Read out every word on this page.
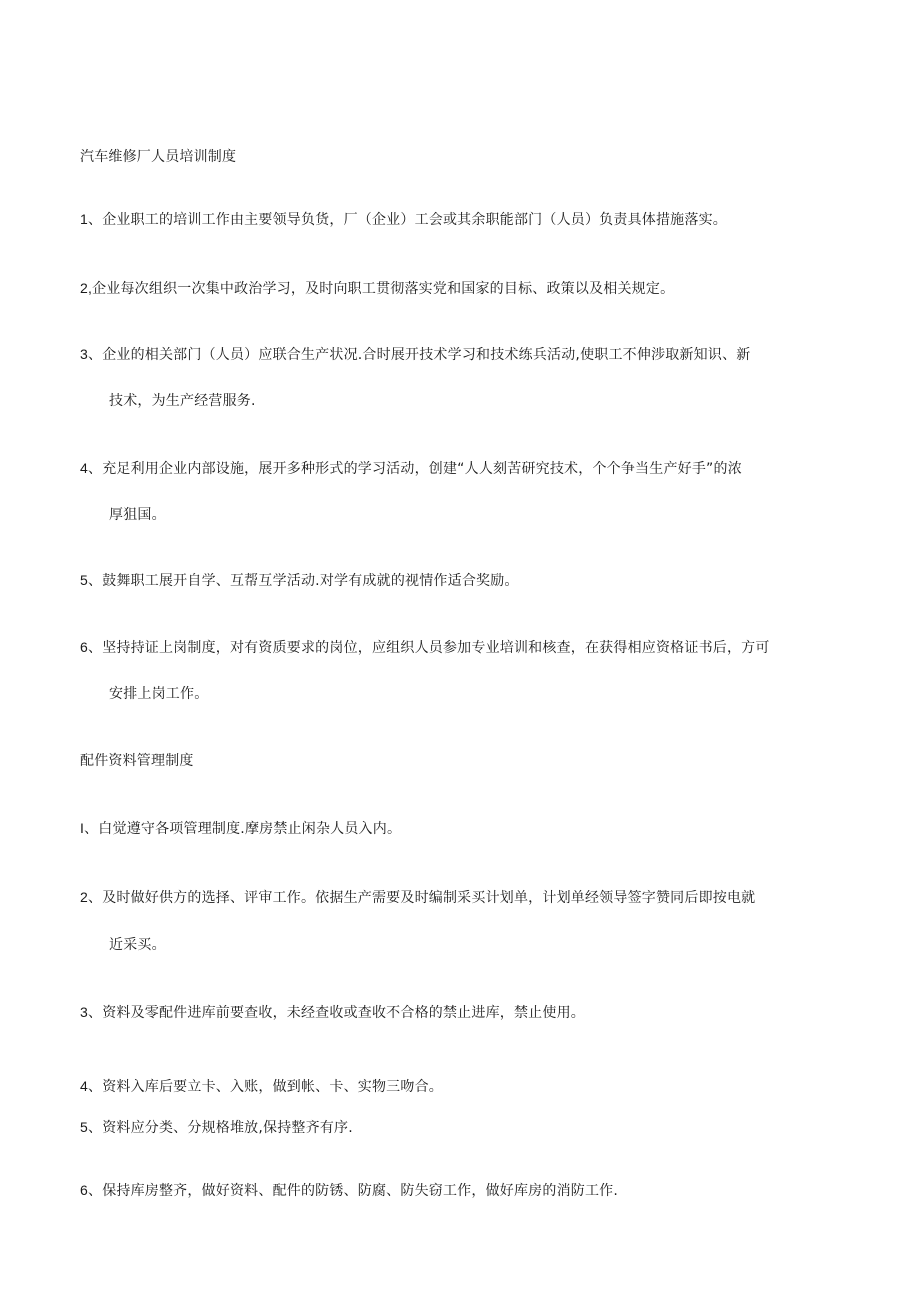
汽车维修厂人员培训制度
1、企业职工的培训工作由主要领导负货，厂（企业）工会或其余职能部门（人员）负责具体措施落实。
2,企业每次组织一次集中政治学习，及时向职工贯彻落实党和国家的目标、政策以及相关规定。
3、企业的相关部门（人员）应联合生产状况.合时展开技术学习和技术练兵活动,使职工不伸涉取新知识、新
技术，为生产经营服务.
4、充足利用企业内部设施，展开多种形式的学习活动，创建“人人刻苦研究技术，个个争当生产好手”的浓
厚狙国。
5、鼓舞职工展开自学、互帮互学活动.对学有成就的视情作适合奖励。
6、坚持持证上岗制度，对有资质要求的岗位，应组织人员参加专业培训和核查，在获得相应资格证书后，方可
安排上岗工作。
配件资料管理制度
I、白觉遵守各项管理制度.摩房禁止闲杂人员入内。
2、及时做好供方的选择、评审工作。依据生产需要及时编制采买计划单，计划单经领导签字赞同后即按电就
近采买。
3、资料及零配件进库前要查收，未经查收或查收不合格的禁止进库，禁止使用。
4、资料入库后要立卡、入账，做到帐、卡、实物三吻合。
5、资料应分类、分规格堆放,保持整齐有序.
6、保持库房整齐，做好资料、配件的防锈、防腐、防失窃工作，做好库房的消防工作.
